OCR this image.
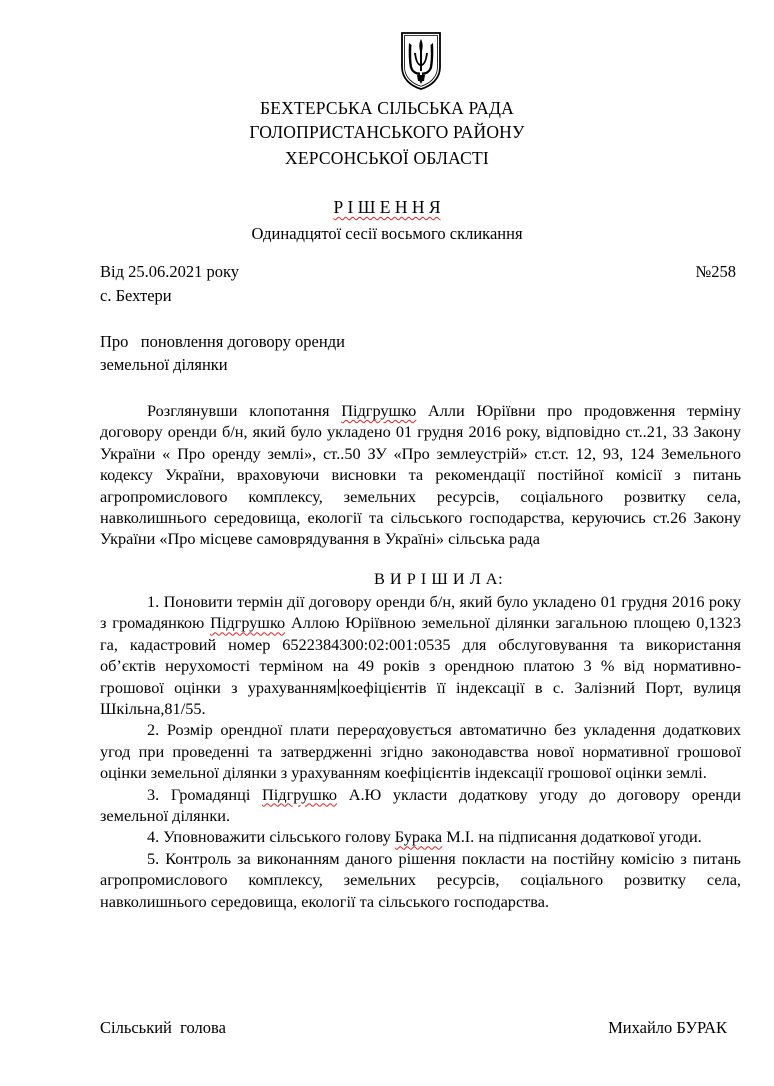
БЕХТЕРСЬКА СІЛЬСЬКА РАДА
ГОЛОПРИСТАНСЬКОГО РАЙОНУ
ХЕРСОНСЬКОЇ ОБЛАСТІ
Р І Ш Е Н Н Я
Одинадцятої сесії восьмого скликання
Від 25.06.2021 року	№258
с. Бехтери
Про   поновлення договору оренди
земельної ділянки

Розглянувши клопотання Підгрушко Алли Юріївни про продовження терміну договору оренди б/н, який було укладено 01 грудня 2016 року, відповідно ст..21, 33 Закону України « Про оренду землі», ст..50 ЗУ «Про землеустрій» ст.ст. 12, 93, 124 Земельного кодексу України, враховуючи висновки та рекомендації постійної комісії з питань агропромислового комплексу, земельних ресурсів, соціального розвитку села, навколишнього середовища, екології та сільського господарства, керуючись ст.26 Закону України «Про місцеве самоврядування в Україні» сільська рада

В И Р І Ш И Л А:

1. Поновити термін дії договору оренди б/н, який було укладено 01 грудня 2016 року з громадянкою Підгрушко Аллою Юріївною земельної ділянки загальною площею 0,1323 га, кадастровий номер 6522384300:02:001:0535 для обслуговування та використання об’єктів нерухомості терміном на 49 років з орендною платою 3 % від нормативно-грошової оцінки з урахуванням коефіцієнтів її індексації в с. Залізний Порт, вулиця Шкільна,81/55.

2. Розмір орендної плати переραχовується автоматично без укладення додаткових угод при проведенні та затвердженні згідно законодавства нової нормативної грошової оцінки земельної ділянки з урахуванням коефіцієнтів індексації грошової оцінки землі.

3. Громадянці Підгрушко А.Ю укласти додаткову угоду до договору оренди земельної ділянки.

4. Уповноважити сільського голову Бурака М.І. на підписання додаткової угоди.

5. Контроль за виконанням даного рішення покласти на постійну комісію з питань агропромислового комплексу, земельних ресурсів, соціального розвитку села, навколишнього середовища, екології та сільського господарства.

Сільський  голова	Михайло БУРАК
